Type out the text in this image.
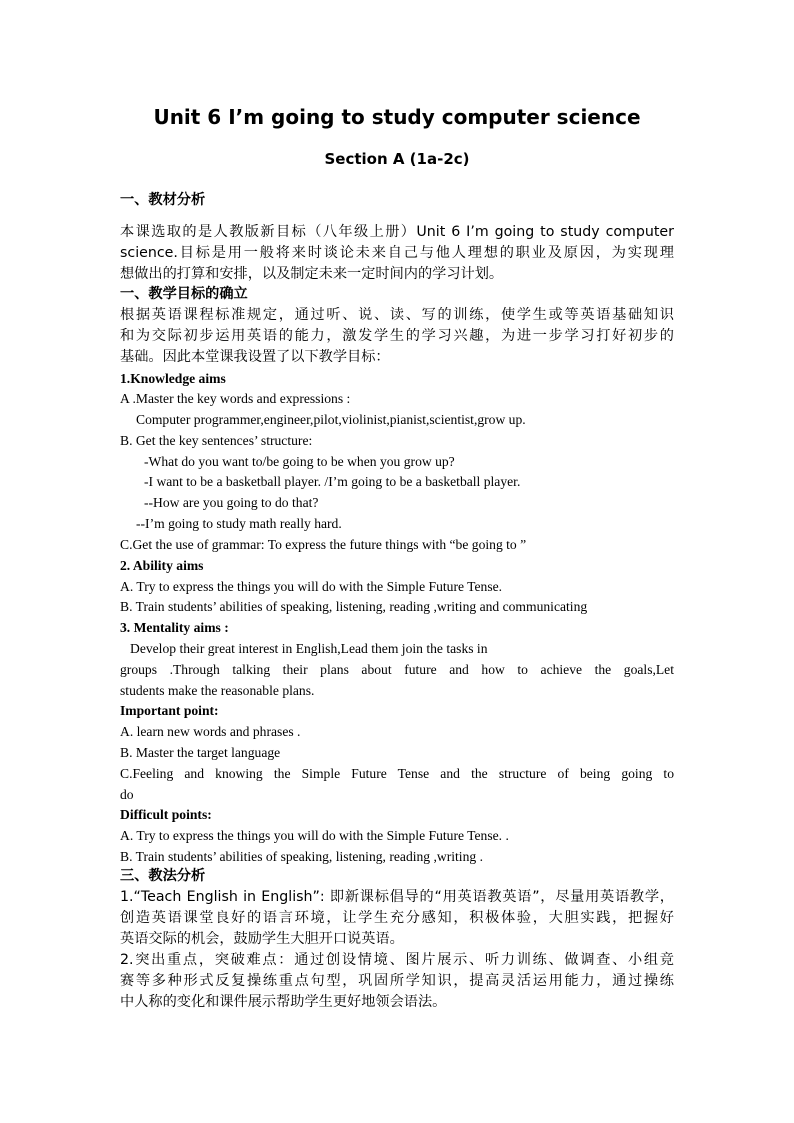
Unit 6 I’m going to study computer science
Section A (1a-2c)
一、教材分析
本课选取的是人教版新目标（八年级上册）Unit 6 I’m going to study computer
science.目标是用一般将来时谈论未来自己与他人理想的职业及原因，为实现理
想做出的打算和安排，以及制定未来一定时间内的学习计划。
一、教学目标的确立
根据英语课程标准规定，通过听、说、读、写的训练，使学生或等英语基础知识
和为交际初步运用英语的能力，激发学生的学习兴趣，为进一步学习打好初步的
基础。因此本堂课我设置了以下教学目标：
1.Knowledge aims
A .Master the key words and expressions :
Computer programmer,engineer,pilot,violinist,pianist,scientist,grow up.
B. Get the key sentences’ structure:
-What do you want to/be going to be when you grow up?
-I want to be a basketball player. /I’m going to be a basketball player.
--How are you going to do that?
--I’m going to study math really hard.
C.Get the use of grammar: To express the future things with “be going to ”
2. Ability aims
A. Try to express the things you will do with the Simple Future Tense.
B. Train students’ abilities of speaking, listening, reading ,writing and communicating
3. Mentality aims :
Develop their great interest in English,Lead them join the tasks in
groups .Through talking their plans about future and how to achieve the goals,Let
students make the reasonable plans.
Important point:
A. learn new words and phrases .
B. Master the target language
C.Feeling and knowing the Simple Future Tense and the structure of being going to
do
Difficult points:
A. Try to express the things you will do with the Simple Future Tense. .
B. Train students’ abilities of speaking, listening, reading ,writing .
三、教法分析
1.“Teach English in English”: 即新课标倡导的“用英语教英语”，尽量用英语教学，
创造英语课堂良好的语言环境，让学生充分感知，积极体验，大胆实践，把握好
英语交际的机会，鼓励学生大胆开口说英语。
2.突出重点，突破难点：通过创设情境、图片展示、听力训练、做调查、小组竞
赛等多种形式反复操练重点句型，巩固所学知识，提高灵活运用能力，通过操练
中人称的变化和课件展示帮助学生更好地领会语法。
